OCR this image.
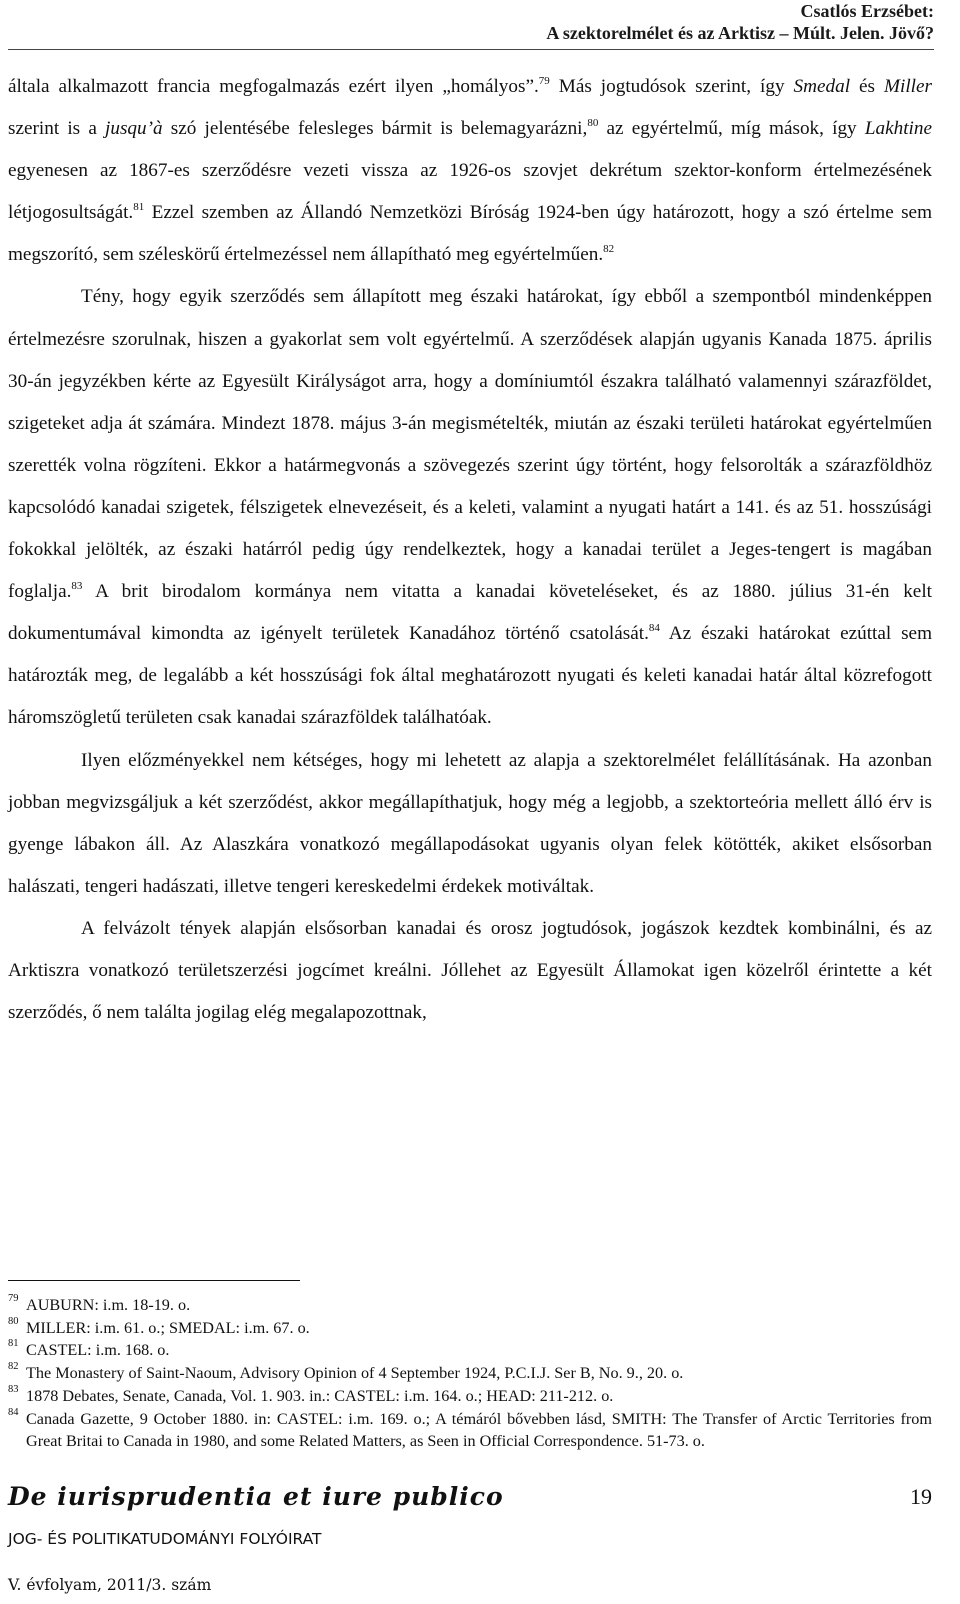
Csatlós Erzsébet:
A szektorelmélet és az Arktisz – Múlt. Jelen. Jövő?

általa alkalmazott francia megfogalmazás ezért ilyen „homályos”.$^{79}$ Más jogtudósok szerint, így Smedal és Miller szerint is a jusqu’à szó jelentésébe felesleges bármit is belemagyarázni,$^{80}$ az egyértelmű, míg mások, így Lakhtine egyenesen az 1867-es szerződésre vezeti vissza az 1926-os szovjet dekrétum szektor-konform értelmezésének létjogosultságát.$^{81}$ Ezzel szemben az Állandó Nemzetközi Bíróság 1924-ben úgy határozott, hogy a szó értelme sem megszorító, sem széleskörű értelmezéssel nem állapítható meg egyértelműen.$^{82}$

Tény, hogy egyik szerződés sem állapított meg északi határokat, így ebből a szempontból mindenképpen értelmezésre szorulnak, hiszen a gyakorlat sem volt egyértelmű. A szerződések alapján ugyanis Kanada 1875. április 30-án jegyzékben kérte az Egyesült Királyságot arra, hogy a domíniumtól északra található valamennyi szárazföldet, szigeteket adja át számára. Mindezt 1878. május 3-án megismételték, miután az északi területi határokat egyértelműen szerették volna rögzíteni. Ekkor a határmegvonás a szövegezés szerint úgy történt, hogy felsorolták a szárazföldhöz kapcsolódó kanadai szigetek, félszigetek elnevezéseit, és a keleti, valamint a nyugati határt a 141. és az 51. hosszúsági fokokkal jelölték, az északi határról pedig úgy rendelkeztek, hogy a kanadai terület a Jeges-tengert is magában foglalja.$^{83}$ A brit birodalom kormánya nem vitatta a kanadai követeléseket, és az 1880. július 31-én kelt dokumentumával kimondta az igényelt területek Kanadához történő csatolását.$^{84}$ Az északi határokat ezúttal sem határozták meg, de legalább a két hosszúsági fok által meghatározott nyugati és keleti kanadai határ által közrefogott háromszögletű területen csak kanadai szárazföldek találhatóak.

Ilyen előzményekkel nem kétséges, hogy mi lehetett az alapja a szektorelmélet felállításának. Ha azonban jobban megvizsgáljuk a két szerződést, akkor megállapíthatjuk, hogy még a legjobb, a szektorteória mellett álló érv is gyenge lábakon áll. Az Alaszkára vonatkozó megállapodásokat ugyanis olyan felek kötötték, akiket elsősorban halászati, tengeri hadászati, illetve tengeri kereskedelmi érdekek motiváltak.

A felvázolt tények alapján elsősorban kanadai és orosz jogtudósok, jogászok kezdtek kombinálni, és az Arktiszra vonatkozó területszerzési jogcímet kreálni. Jóllehet az Egyesült Államokat igen közelről érintette a két szerződés, ő nem találta jogilag elég megalapozottnak,

79 AUBURN: i.m. 18-19. o.
80 MILLER: i.m. 61. o.; SMEDAL: i.m. 67. o.
81 CASTEL: i.m. 168. o.
82 The Monastery of Saint-Naoum, Advisory Opinion of 4 September 1924, P.C.I.J. Ser B, No. 9., 20. o.
83 1878 Debates, Senate, Canada, Vol. 1. 903. in.: CASTEL: i.m. 164. o.; HEAD: 211-212. o.
84 Canada Gazette, 9 October 1880. in: CASTEL: i.m. 169. o.; A témáról bővebben lásd, SMITH: The Transfer of Arctic Territories from Great Britai to Canada in 1980, and some Related Matters, as Seen in Official Correspondence. 51-73. o.
De iurisprudentia et iure publico	19
JOG- ÉS POLITIKATUDOMÁNYI FOLYÓIRAT
V. évfolyam, 2011/3. szám
